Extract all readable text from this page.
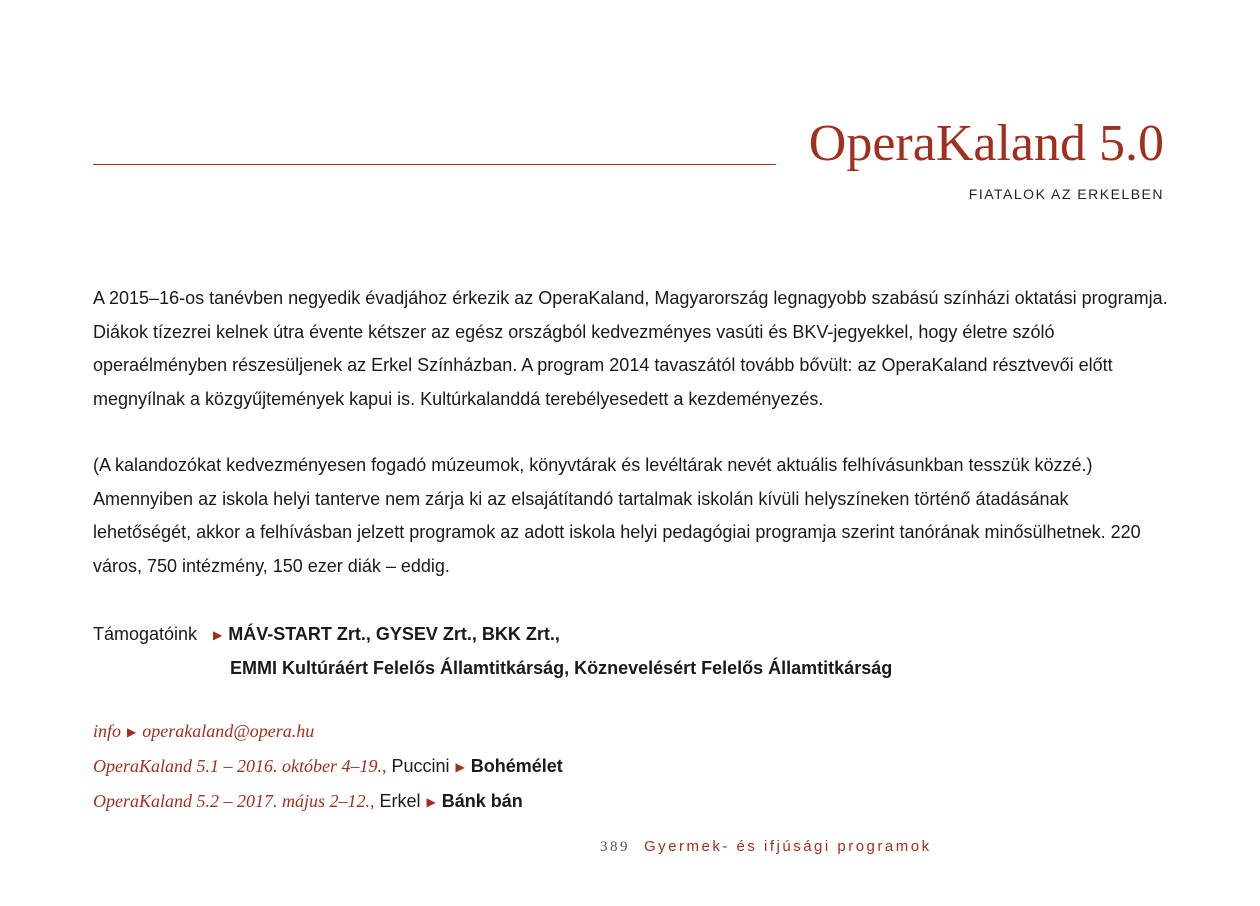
OperaKaland 5.0
FIATALOK AZ ERKELBEN

A 2015–16-os tanévben negyedik évadjához érkezik az OperaKaland, Magyarország legnagyobb szabású színházi oktatási programja. Diákok tízezrei kelnek útra évente kétszer az egész országból kedvezményes vasúti és BKV-jegyekkel, hogy életre szóló operaélményben részesüljenek az Erkel Színházban. A program 2014 tavaszától tovább bővült: az OperaKaland résztvevői előtt megnyílnak a közgyűjtemények kapui is. Kultúrkalanddá terebélyesedett a kezdeményezés.

(A kalandozókat kedvezményesen fogadó múzeumok, könyvtárak és levéltárak nevét aktuális felhívásunkban tesszük közzé.) Amennyiben az iskola helyi tanterve nem zárja ki az elsajátítandó tartalmak iskolán kívüli helyszíneken történő átadásának lehetőségét, akkor a felhívásban jelzett programok az adott iskola helyi pedagógiai programja szerint tanórának minősülhetnek. 220 város, 750 intézmény, 150 ezer diák – eddig.

Támogatóink ▶ MÁV-START Zrt., GYSEV Zrt., BKK Zrt.,
EMMI Kultúráért Felelős Államtitkárság, Köznevelésért Felelős Államtitkárság
info ▶ operakaland@opera.hu
OperaKaland 5.1 – 2016. október 4–19., Puccini ▶ Bohémélet
OperaKaland 5.2 – 2017. május 2–12., Erkel ▶ Bánk bán
389 Gyermek- és ifjúsági programok
